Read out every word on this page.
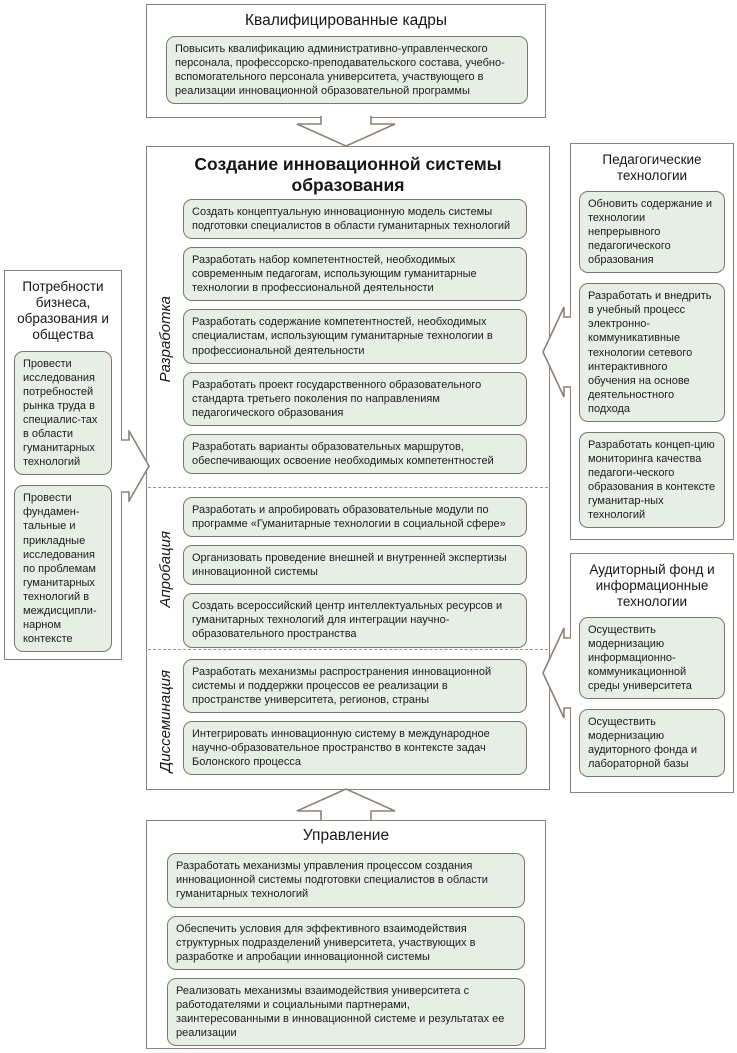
Квалифицированные кадры
Повысить квалификацию административно-управленческого персонала, профессорско-преподавательского состава, учебно-вспомогательного персонала университета, участвующего в реализации инновационной образовательной программы
Создание инновационной системы образования
Разработка
Создать концептуальную инновационную модель системы подготовки специалистов в области гуманитарных технологий
Разработать набор компетентностей, необходимых современным педагогам, использующим гуманитарные технологии в профессиональной деятельности
Разработать содержание компетентностей, необходимых специалистам, использующим гуманитарные технологии в профессиональной деятельности
Разработать проект государственного образовательного стандарта третьего поколения по направлениям педагогического образования
Разработать варианты образовательных маршрутов, обеспечивающих освоение необходимых компетентностей
Апробация
Разработать и апробировать образовательные модули по программе «Гуманитарные технологии в социальной сфере»
Организовать проведение внешней и внутренней экспертизы инновационной системы
Создать всероссийский центр интеллектуальных ресурсов и гуманитарных технологий для интеграции научно-образовательного пространства
Диссеминация	Разработать механизмы распространения инновационной системы и поддержки процессов ее реализации в пространстве университета, регионов, страны
Интегрировать инновационную систему в международное научно-образовательное пространство в контексте задач Болонского процесса
Потребности бизнеса, образования и общества
Провести исследования потребностей рынка труда в специалис-тах в области гуманитарных технологий
Провести фундамен-тальные и прикладные исследования по проблемам гуманитарных технологий в междисципли-нарном контексте
Педагогические технологии
Обновить содержание и технологии непрерывного педагогического образования
Разработать и внедрить в учебный процесс электронно-коммуникативные технологии сетевого интерактивного обучения на основе деятельностного подхода
Разработать концеп-цию мониторинга качества педагоги-ческого образования в контексте гуманитар-ных технологий
Аудиторный фонд и информационные технологии
Осуществить модернизацию информационно-коммуникационной среды университета
Осуществить модернизацию аудиторного фонда и лабораторной базы
Управление
Разработать механизмы управления процессом создания инновационной системы подготовки специалистов в области гуманитарных технологий
Обеспечить условия для эффективного взаимодействия структурных подразделений университета, участвующих в разработке и апробации инновационной системы
Реализовать механизмы взаимодействия университета с работодателями и социальными партнерами, заинтересованными в инновационной системе и результатах ее реализации
